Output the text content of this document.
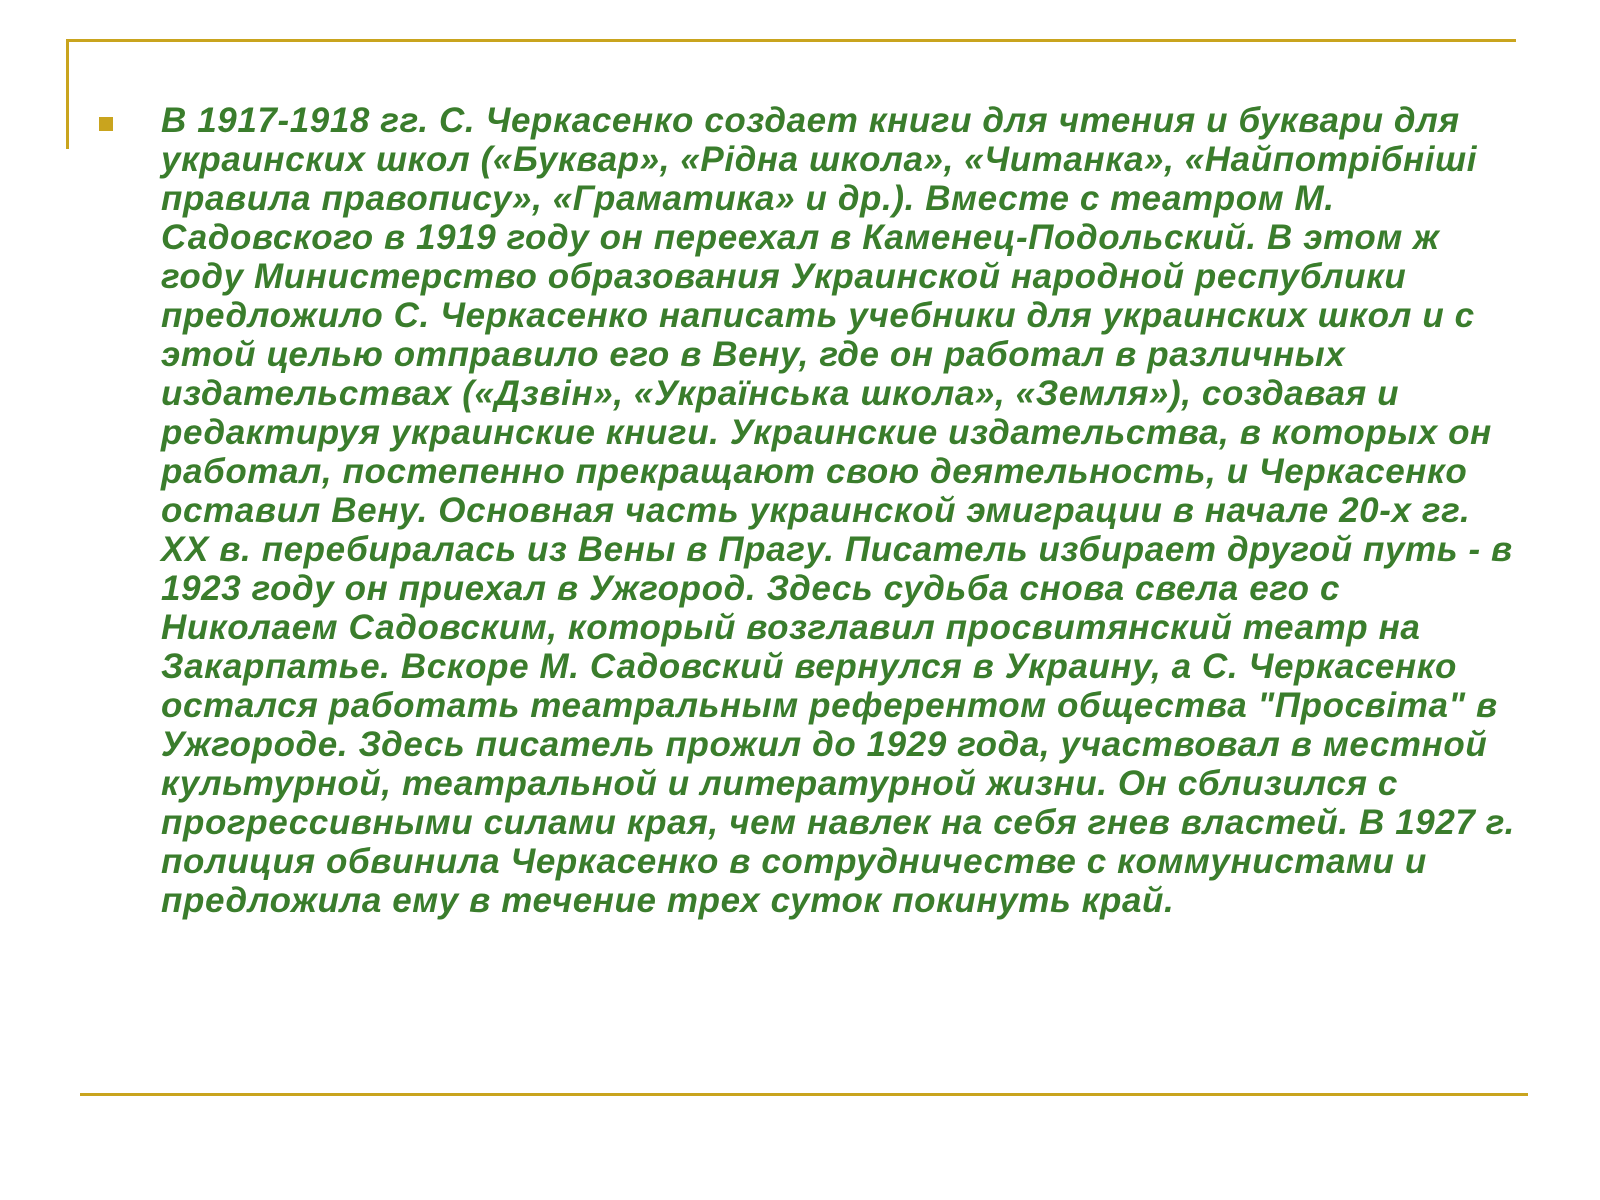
В 1917-1918 гг. С. Черкасенко создает книги для чтения и буквари для украинских школ («Буквар», «Рідна школа», «Читанка», «Найпотрібніші правила правопису», «Граматика» и др.). Вместе с театром М. Садовского в 1919 году он переехал в Каменец-Подольский. В этом ж году Министерство образования Украинской народной республики предложило С. Черкасенко написать учебники для украинских школ и с этой целью отправило его в Вену, где он работал в различных издательствах («Дзвін», «Українська школа», «Земля»), создавая и редактируя украинские книги. Украинские издательства, в которых он работал, постепенно прекращают свою деятельность, и Черкасенко оставил Вену. Основная часть украинской эмиграции в начале 20-х гг. XX в. перебиралась из Вены в Прагу. Писатель избирает другой путь - в 1923 году он приехал в Ужгород. Здесь судьба снова свела его с Николаем Садовским, который возглавил просвитянский театр на Закарпатье. Вскоре М. Садовский вернулся в Украину, а С. Черкасенко остался работать театральным референтом общества "Просвіта" в Ужгороде. Здесь писатель прожил до 1929 года, участвовал в местной культурной, театральной и литературной жизни. Он сблизился с прогрессивными силами края, чем навлек на себя гнев властей. В 1927 г. полиция обвинила Черкасенко в сотрудничестве с коммунистами и предложила ему в течение трех суток покинуть край.
